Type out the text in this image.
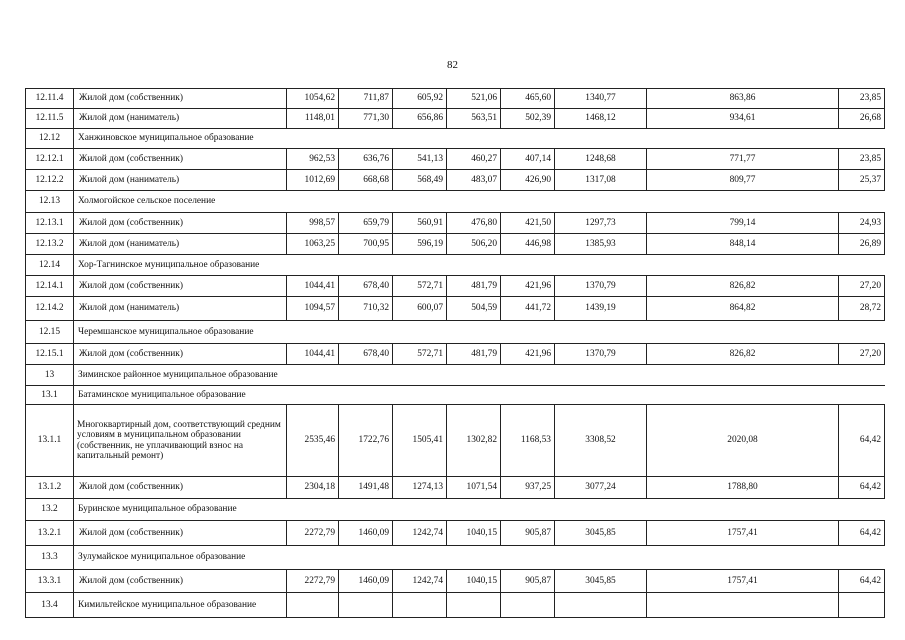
82
12.11.4	Жилой дом (собственник)	1054,62	711,87	605,92	521,06	465,60	1340,77	863,86	23,85
12.11.5	Жилой дом (наниматель)	1148,01	771,30	656,86	563,51	502,39	1468,12	934,61	26,68
12.12	Ханжиновское муниципальное образование								
12.12.1	Жилой дом (собственник)	962,53	636,76	541,13	460,27	407,14	1248,68	771,77	23,85
12.12.2	Жилой дом (наниматель)	1012,69	668,68	568,49	483,07	426,90	1317,08	809,77	25,37
12.13	Холмогойское сельское поселение								
12.13.1	Жилой дом (собственник)	998,57	659,79	560,91	476,80	421,50	1297,73	799,14	24,93
12.13.2	Жилой дом (наниматель)	1063,25	700,95	596,19	506,20	446,98	1385,93	848,14	26,89
12.14	Хор-Тагнинское муниципальное образование								
12.14.1	Жилой дом (собственник)	1044,41	678,40	572,71	481,79	421,96	1370,79	826,82	27,20
12.14.2	Жилой дом (наниматель)	1094,57	710,32	600,07	504,59	441,72	1439,19	864,82	28,72
12.15	Черемшанское муниципальное образование								
12.15.1	Жилой дом (собственник)	1044,41	678,40	572,71	481,79	421,96	1370,79	826,82	27,20
13	Зиминское районное муниципальное образование								
13.1	Батаминское муниципальное образование								
13.1.1	Многоквартирный дом, соответствующий средним условиям в муниципальном образовании (собственник, не уплачивающий взнос на капитальный ремонт)	2535,46	1722,76	1505,41	1302,82	1168,53	3308,52	2020,08	64,42
13.1.2	Жилой дом (собственник)	2304,18	1491,48	1274,13	1071,54	937,25	3077,24	1788,80	64,42
13.2	Буринское муниципальное образование								
13.2.1	Жилой дом (собственник)	2272,79	1460,09	1242,74	1040,15	905,87	3045,85	1757,41	64,42
13.3	Зулумайское муниципальное образование								
13.3.1	Жилой дом (собственник)	2272,79	1460,09	1242,74	1040,15	905,87	3045,85	1757,41	64,42
13.4	Кимильтейское муниципальное образование								
